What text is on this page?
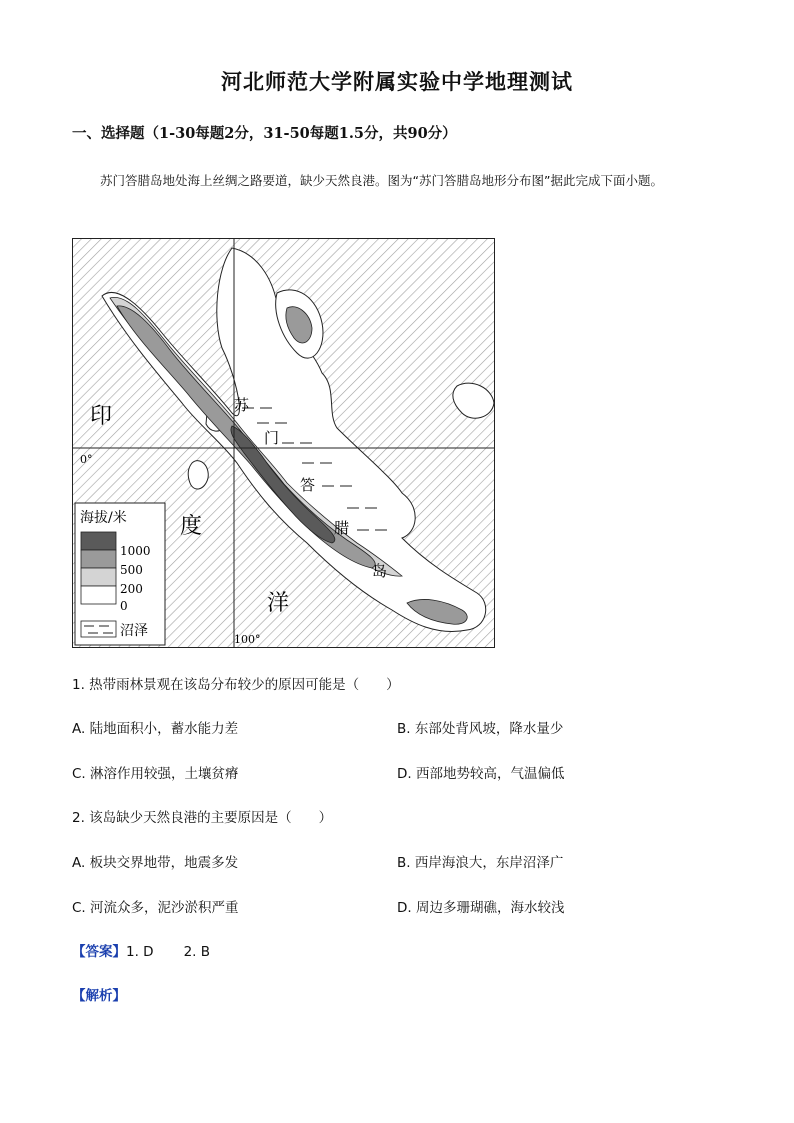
河北师范大学附属实验中学地理测试
一、选择题（1-30每题2分，31-50每题1.5分，共90分）
苏门答腊岛地处海上丝绸之路要道，缺少天然良港。图为“苏门答腊岛地形分布图”据此完成下面小题。
0°
100°
印
度
洋
苏
门
答
腊
岛
海拔/米
1000
500
200
0
沼泽
1. 热带雨林景观在该岛分布较少的原因可能是（　　）
A. 陆地面积小，蓄水能力差	B. 东部处背风坡，降水量少
C. 淋溶作用较强，土壤贫瘠	D. 西部地势较高，气温偏低
2. 该岛缺少天然良港的主要原因是（　　）
A. 板块交界地带，地震多发	B. 西岸海浪大，东岸沼泽广
C. 河流众多，泥沙淤积严重	D. 周边多珊瑚礁，海水较浅
【答案】1. D 2. B
【解析】
